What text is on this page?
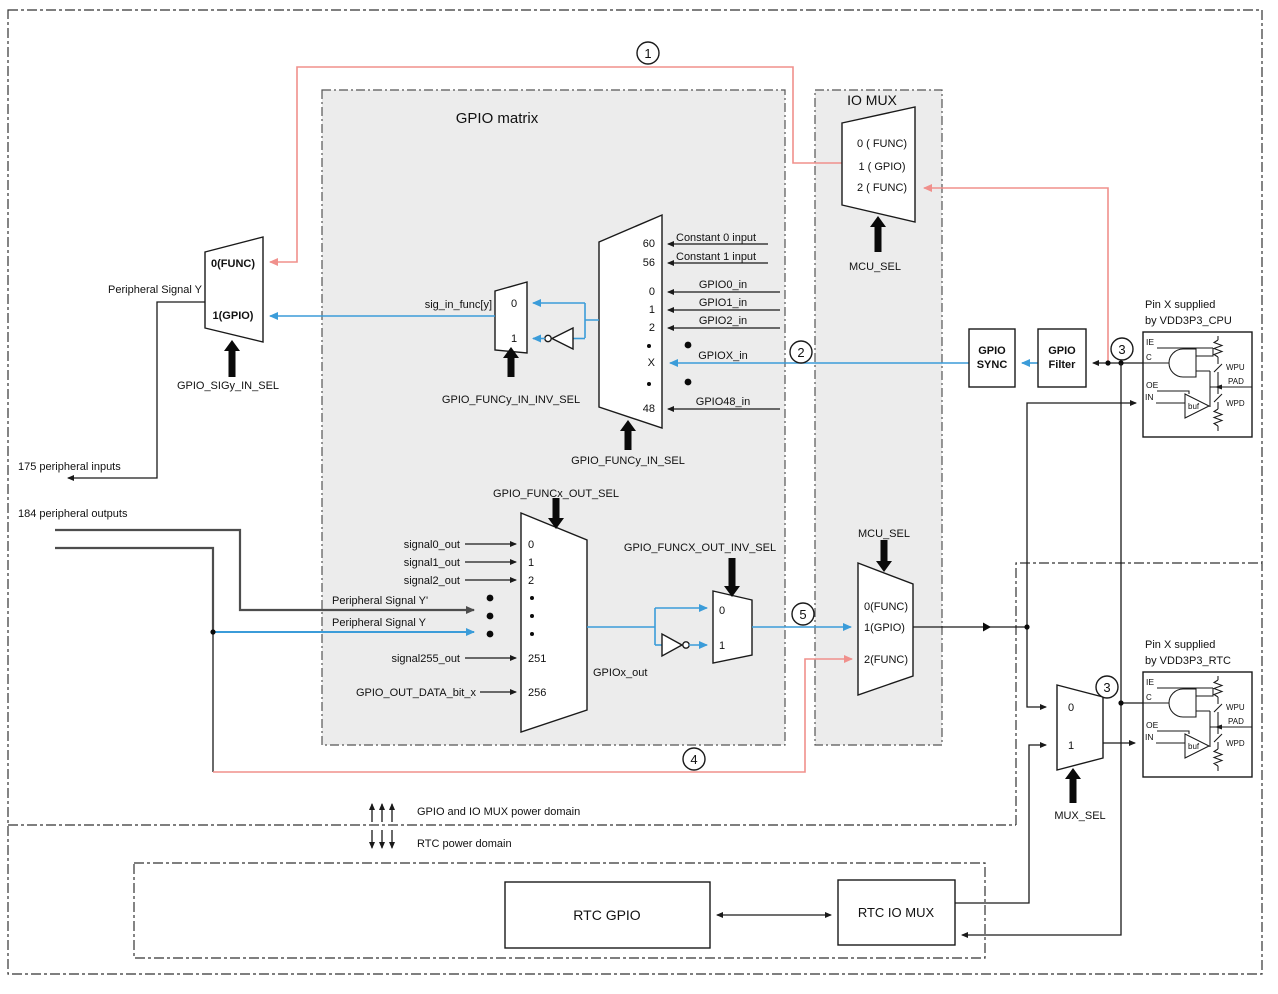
GPIO and IO MUX power domain
RTC power domain
GPIO matrix
IO MUX
0 ( FUNC)
1 ( GPIO)
2 ( FUNC)
MCU_SEL
0(FUNC)
1(GPIO)
GPIO_SIGy_IN_SEL
Peripheral Signal Y
175 peripheral inputs
184 peripheral outputs
60
56
0
1
2
X
48
Constant 0 input
Constant 1 input
GPIO0_in
GPIO1_in
GPIO2_in
GPIOX_in
GPIO48_in
GPIO_FUNCy_IN_SEL
0
1
sig_in_func[y]
GPIO_FUNCy_IN_INV_SEL
0
1
2
251
256
signal0_out
signal1_out
signal2_out
Peripheral Signal Y'
Peripheral Signal Y
signal255_out
GPIO_OUT_DATA_bit_x
GPIO_FUNCx_OUT_SEL
GPIOx_out
0
1
GPIO_FUNCX_OUT_INV_SEL
0(FUNC)
1(GPIO)
2(FUNC)
MCU_SEL
GPIO
SYNC
GPIO
Filter
Pin X supplied
by VDD3P3_CPU
IE
C
OE
buf
IN
PAD
WPU
WPD
Pin X supplied
by VDD3P3_RTC
IE
C
OE
buf
IN
PAD
WPU
WPD
0
1
MUX_SEL
RTC GPIO	RTC IO MUX
1
2	3
3
4
5
